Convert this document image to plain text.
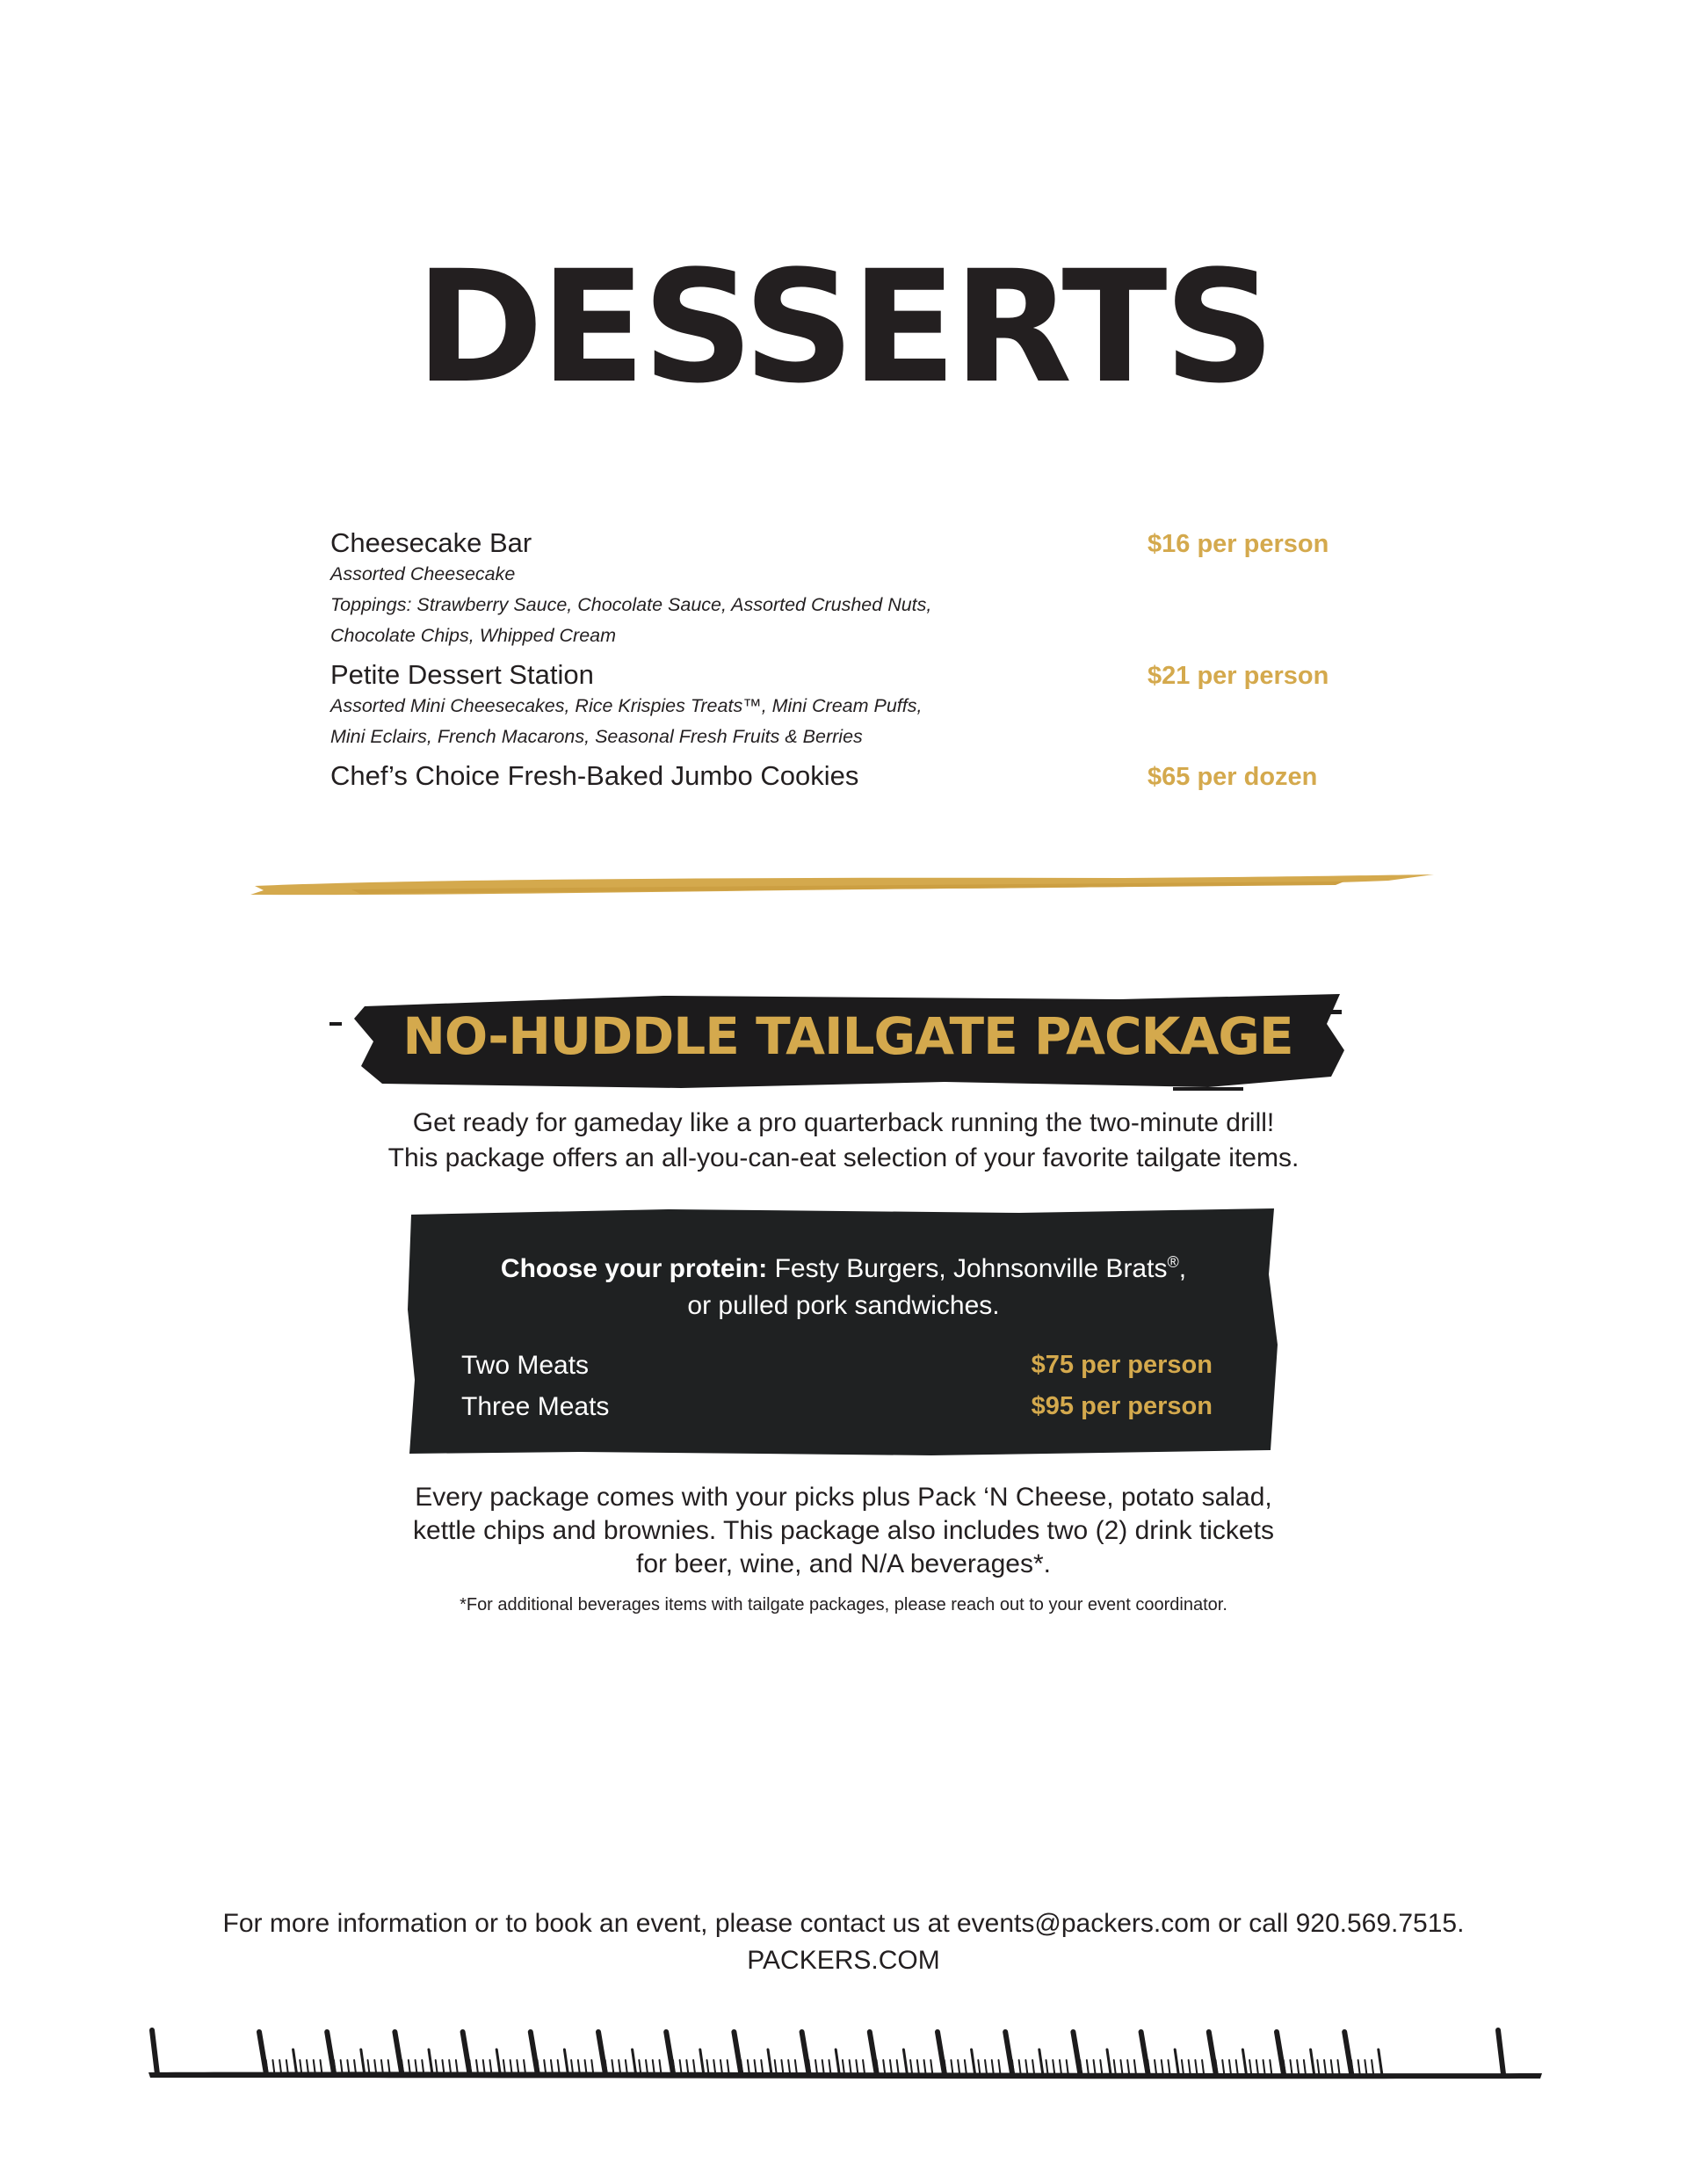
DESSERTS
Cheesecake Bar	$16 per person
Assorted Cheesecake
Toppings: Strawberry Sauce, Chocolate Sauce, Assorted Crushed Nuts,
Chocolate Chips, Whipped Cream
Petite Dessert Station	$21 per person
Assorted Mini Cheesecakes, Rice Krispies Treats™, Mini Cream Puffs,
Mini Eclairs, French Macarons, Seasonal Fresh Fruits & Berries
Chef’s Choice Fresh-Baked Jumbo Cookies	$65 per dozen
NO-HUDDLE TAILGATE PACKAGE

Get ready for gameday like a pro quarterback running the two-minute drill!

This package offers an all-you-can-eat selection of your favorite tailgate items.

Choose your protein: Festy Burgers, Johnsonville Brats®,

or pulled pork sandwiches.

Two Meats	$75 per person
Three Meats	$95 per person

Every package comes with your picks plus Pack ‘N Cheese, potato salad,

kettle chips and brownies. This package also includes two (2) drink tickets

for beer, wine, and N/A beverages*.

*For additional beverages items with tailgate packages, please reach out to your event coordinator.

For more information or to book an event, please contact us at events@packers.com or call 920.569.7515.

PACKERS.COM
